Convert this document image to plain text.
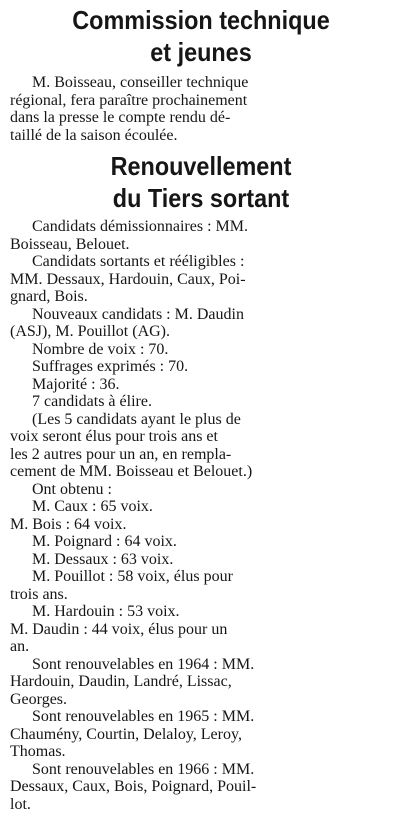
Commission technique
et jeunes
M. Boisseau, conseiller technique
régional, fera paraître prochainement
dans la presse le compte rendu dé-
taillé de la saison écoulée.
Renouvellement
du Tiers sortant
Candidats démissionnaires : MM.
Boisseau, Belouet.
Candidats sortants et rééligibles :
MM. Dessaux, Hardouin, Caux, Poi-
gnard, Bois.
Nouveaux candidats : M. Daudin
(ASJ), M. Pouillot (AG).
Nombre de voix : 70.
Suffrages exprimés : 70.
Majorité : 36.
7 candidats à élire.
(Les 5 candidats ayant le plus de
voix seront élus pour trois ans et
les 2 autres pour un an, en rempla-
cement de MM. Boisseau et Belouet.)
Ont obtenu :
M. Caux : 65 voix.
M. Bois : 64 voix.
M. Poignard : 64 voix.
M. Dessaux : 63 voix.
M. Pouillot : 58 voix, élus pour
trois ans.
M. Hardouin : 53 voix.
M. Daudin : 44 voix, élus pour un
an.
Sont renouvelables en 1964 : MM.
Hardouin, Daudin, Landré, Lissac,
Georges.
Sont renouvelables en 1965 : MM.
Chaumény, Courtin, Delaloy, Leroy,
Thomas.
Sont renouvelables en 1966 : MM.
Dessaux, Caux, Bois, Poignard, Pouil-
lot.
